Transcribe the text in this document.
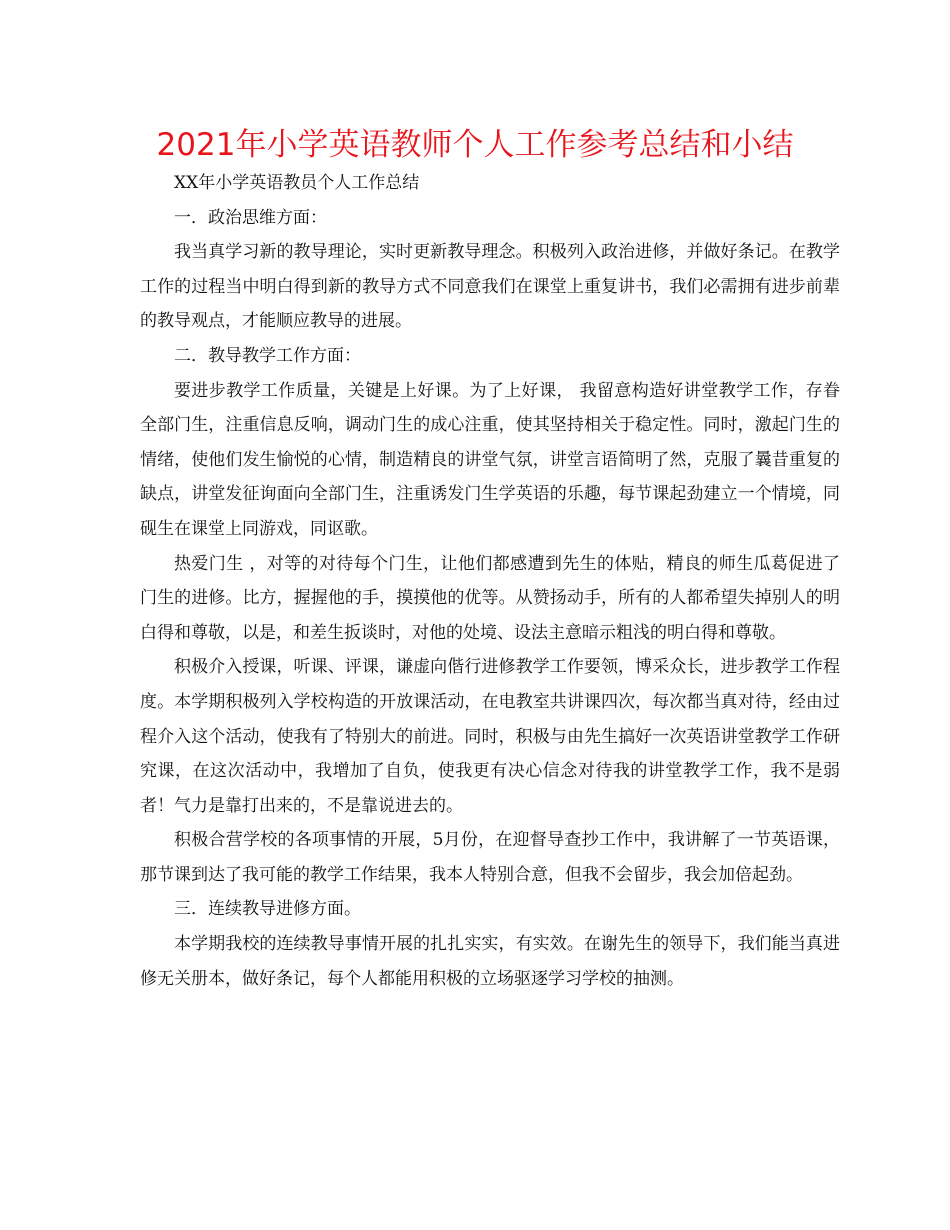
2021年小学英语教师个人工作参考总结和小结

XX年小学英语教员个人工作总结

一．政治思维方面：

我当真学习新的教导理论，实时更新教导理念。积极列入政治进修，并做好条记。在教学工作的过程当中明白得到新的教导方式不同意我们在课堂上重复讲书，我们必需拥有进步前辈的教导观点，才能顺应教导的进展。

二．教导教学工作方面：

要进步教学工作质量，关键是上好课。为了上好课， 我留意构造好讲堂教学工作，存眷全部门生，注重信息反响，调动门生的成心注重，使其坚持相关于稳定性。同时，激起门生的情绪，使他们发生愉悦的心情，制造精良的讲堂气氛，讲堂言语简明了然，克服了曩昔重复的缺点，讲堂发征询面向全部门生，注重诱发门生学英语的乐趣，每节课起劲建立一个情境，同砚生在课堂上同游戏，同讴歌。

热爱门生 ，对等的对待每个门生，让他们都感遭到先生的体贴，精良的师生瓜葛促进了门生的进修。比方，握握他的手，摸摸他的优等。从赞扬动手，所有的人都希望失掉别人的明白得和尊敬，以是，和差生扳谈时，对他的处境、设法主意暗示粗浅的明白得和尊敬。

积极介入授课，听课、评课，谦虚向偕行进修教学工作要领，博采众长，进步教学工作程度。本学期积极列入学校构造的开放课活动，在电教室共讲课四次，每次都当真对待，经由过程介入这个活动，使我有了特别大的前进。同时，积极与由先生搞好一次英语讲堂教学工作研究课，在这次活动中，我增加了自负，使我更有决心信念对待我的讲堂教学工作，我不是弱者！气力是靠打出来的，不是靠说进去的。

积极合营学校的各项事情的开展，5月份，在迎督导查抄工作中，我讲解了一节英语课，那节课到达了我可能的教学工作结果，我本人特别合意，但我不会留步，我会加倍起劲。

三．连续教导进修方面。

本学期我校的连续教导事情开展的扎扎实实，有实效。在谢先生的领导下，我们能当真进修无关册本，做好条记，每个人都能用积极的立场驱逐学习学校的抽测。
